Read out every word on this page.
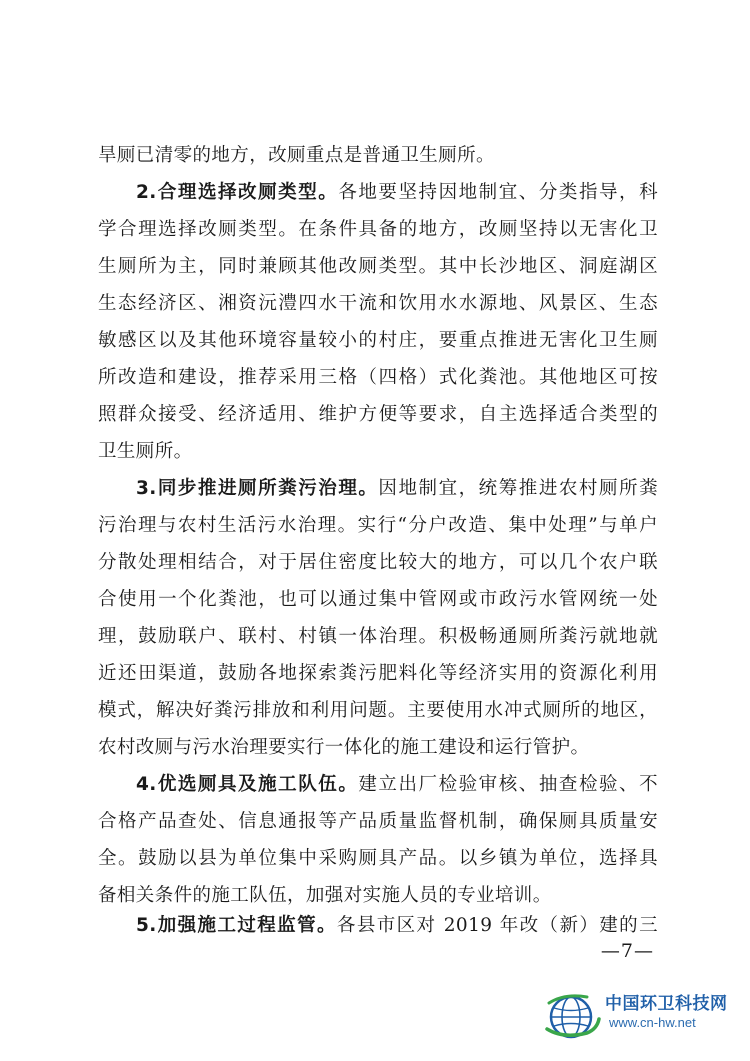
旱厕已清零的地方，改厕重点是普通卫生厕所。
2.合理选择改厕类型。各地要坚持因地制宜、分类指导，科
学合理选择改厕类型。在条件具备的地方，改厕坚持以无害化卫
生厕所为主，同时兼顾其他改厕类型。其中长沙地区、洞庭湖区
生态经济区、湘资沅澧四水干流和饮用水水源地、风景区、生态
敏感区以及其他环境容量较小的村庄，要重点推进无害化卫生厕
所改造和建设，推荐采用三格（四格）式化粪池。其他地区可按
照群众接受、经济适用、维护方便等要求，自主选择适合类型的
卫生厕所。
3.同步推进厕所粪污治理。因地制宜，统筹推进农村厕所粪
污治理与农村生活污水治理。实行“分户改造、集中处理”与单户
分散处理相结合，对于居住密度比较大的地方，可以几个农户联
合使用一个化粪池，也可以通过集中管网或市政污水管网统一处
理，鼓励联户、联村、村镇一体治理。积极畅通厕所粪污就地就
近还田渠道，鼓励各地探索粪污肥料化等经济实用的资源化利用
模式，解决好粪污排放和利用问题。主要使用水冲式厕所的地区，
农村改厕与污水治理要实行一体化的施工建设和运行管护。
4.优选厕具及施工队伍。建立出厂检验审核、抽查检验、不
合格产品查处、信息通报等产品质量监督机制，确保厕具质量安
全。鼓励以县为单位集中采购厕具产品。以乡镇为单位，选择具
备相关条件的施工队伍，加强对实施人员的专业培训。
5.加强施工过程监管。各县市区对 2019 年改（新）建的三
—7—
中国环卫科技网
www.cn-hw.net
